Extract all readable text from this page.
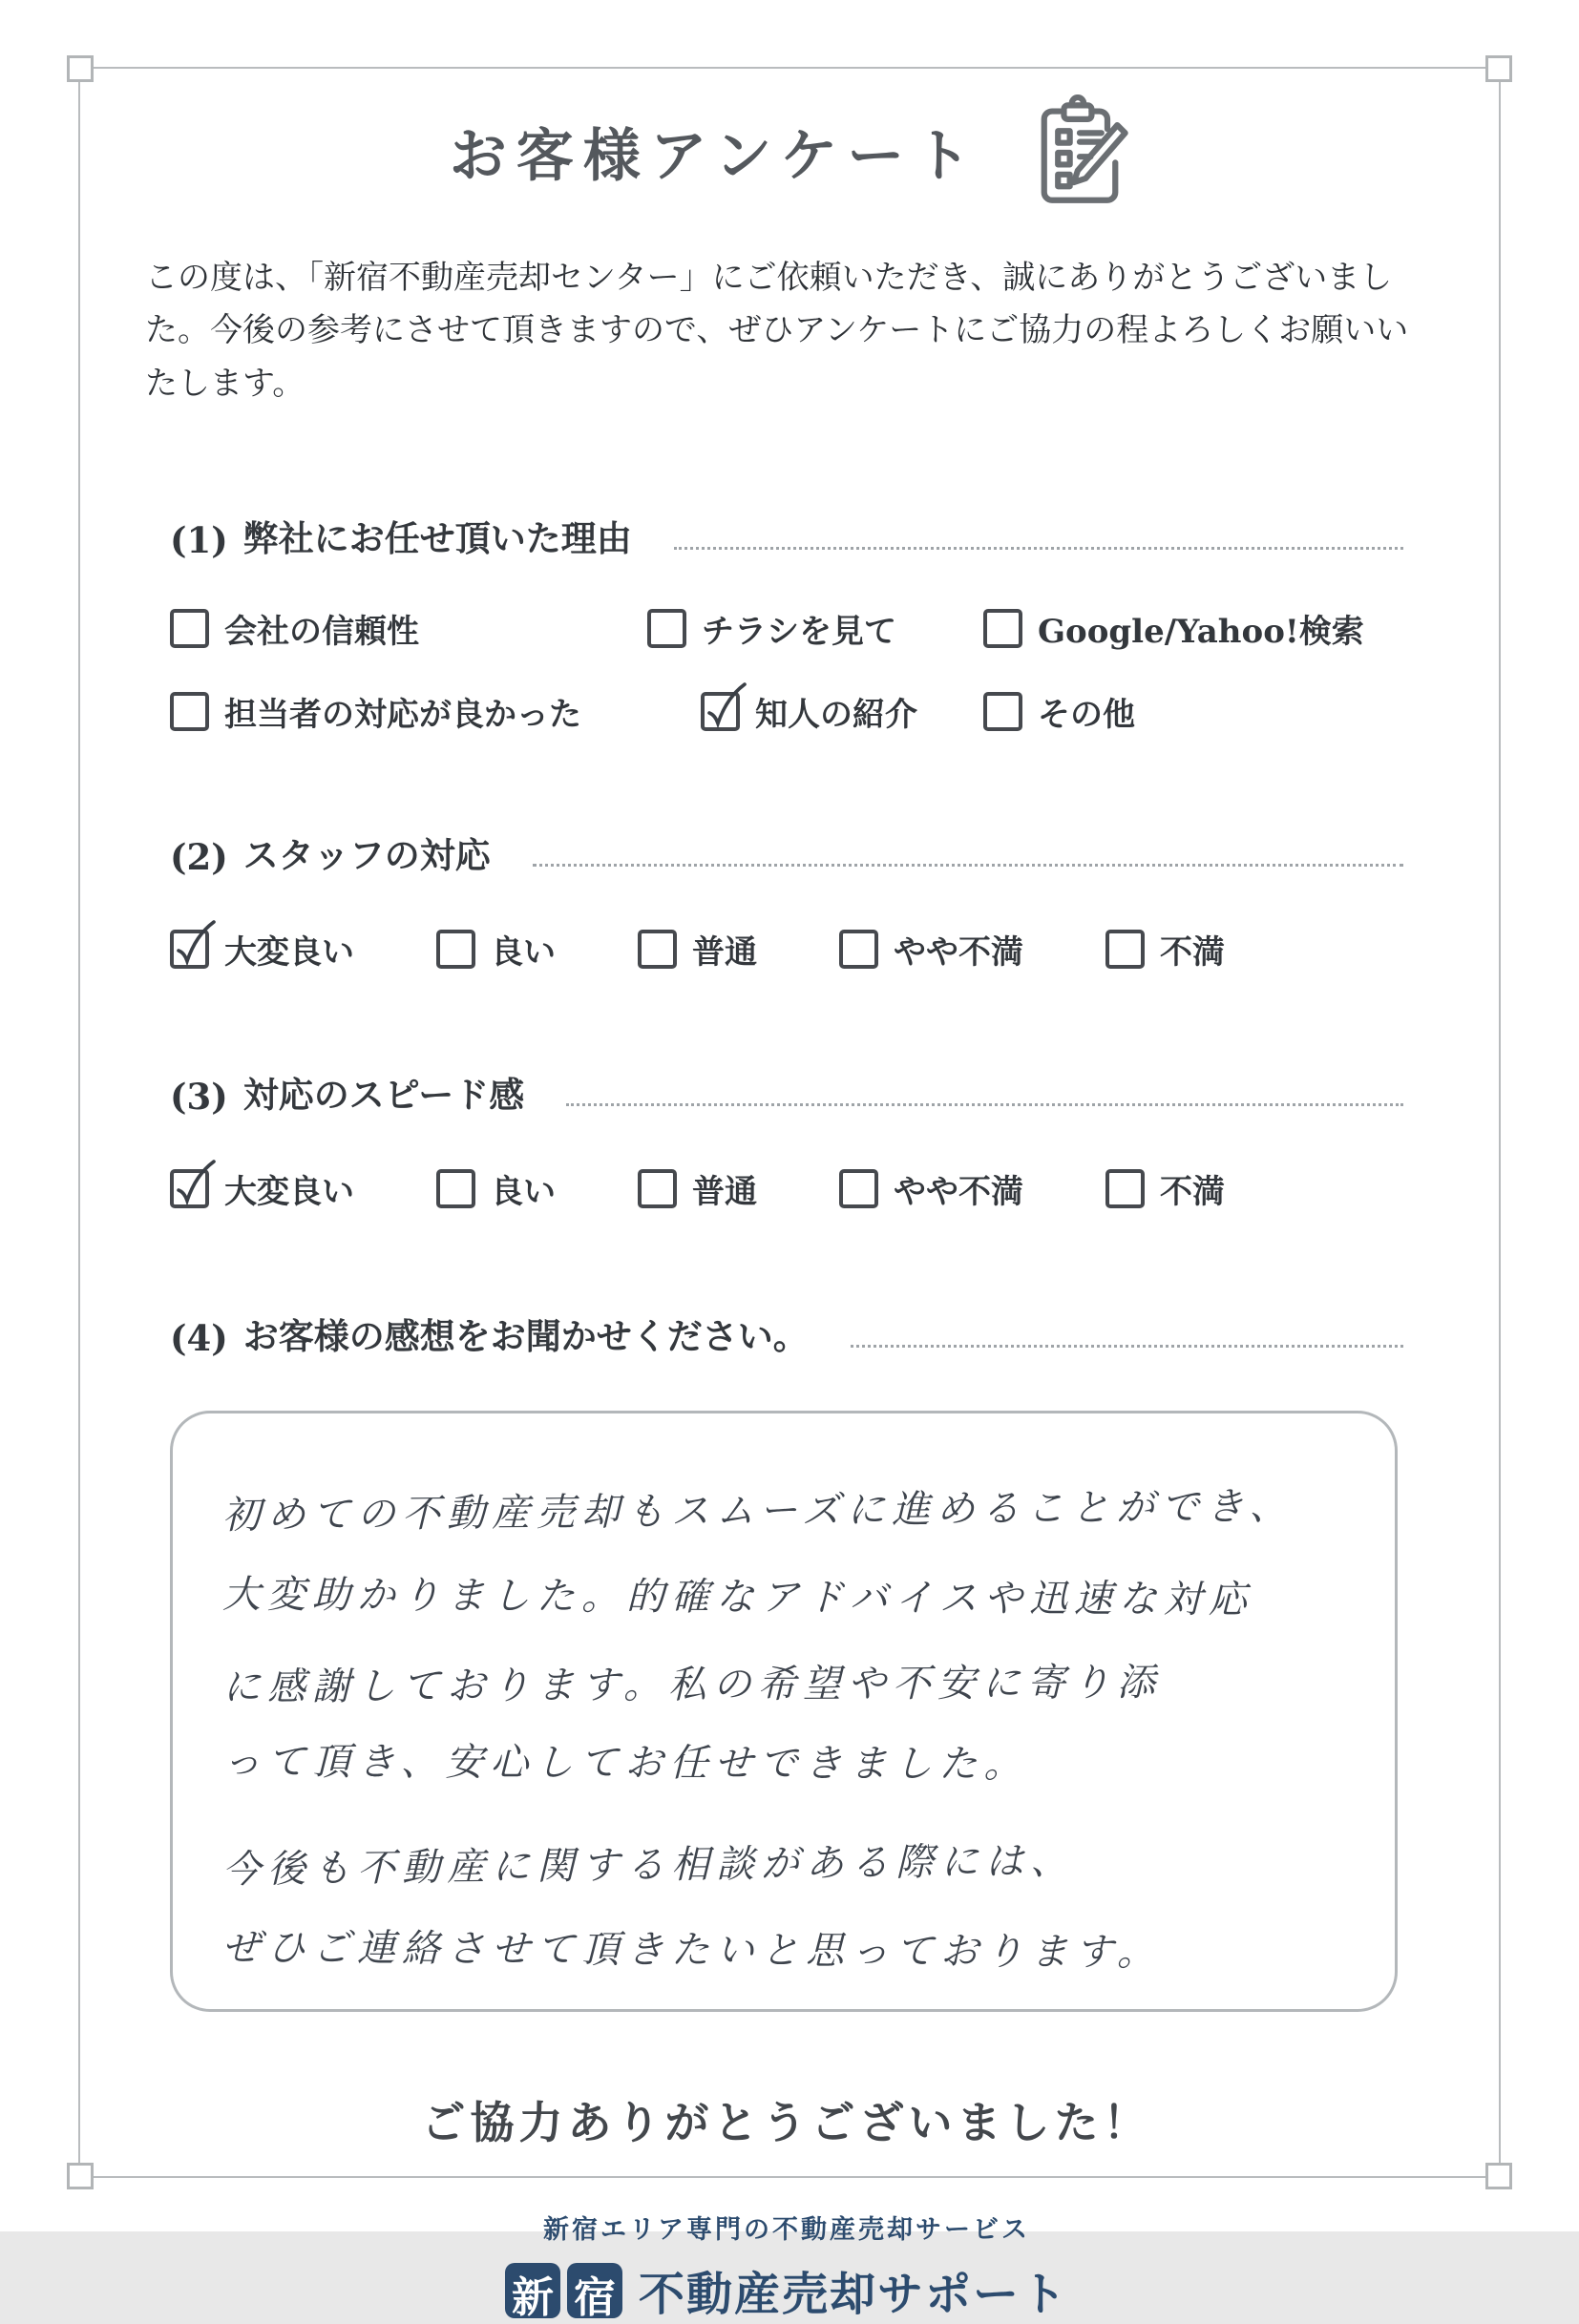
お客様アンケート
この度は、「新宿不動産売却センター」にご依頼いただき、誠にありがとうございました。今後の参考にさせて頂きますので、ぜひアンケートにご協力の程よろしくお願いいたします。
(1) 弊社にお任せ頂いた理由
会社の信頼性	チラシを見て	Google/Yahoo!検索
担当者の対応が良かった	知人の紹介	その他
(2) スタッフの対応
大変良い	良い	普通	やや不満	不満
(3) 対応のスピード感
大変良い	良い	普通	やや不満	不満
(4) お客様の感想をお聞かせください。
初めての不動産売却もスムーズに進めることができ、
大変助かりました。的確なアドバイスや迅速な対応
に感謝しております。私の希望や不安に寄り添
って頂き、安心してお任せできました。
今後も不動産に関する相談がある際には、
ぜひご連絡させて頂きたいと思っております。
ご協力ありがとうございました！
新宿エリア専門の不動産売却サービス
新 宿 不動産売却サポート
